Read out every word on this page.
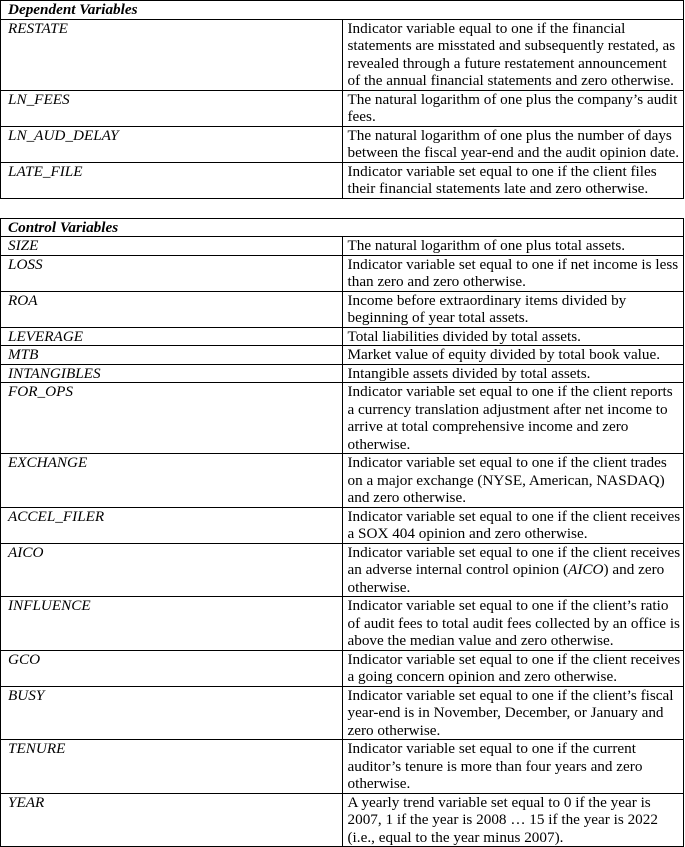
Dependent Variables	
RESTATE	Indicator variable equal to one if the financial statements are misstated and subsequently restated, as revealed through a future restatement announcement of the annual financial statements and zero otherwise.
LN_FEES	The natural logarithm of one plus the company’s audit fees.
LN_AUD_DELAY	The natural logarithm of one plus the number of days between the fiscal year-end and the audit opinion date.
LATE_FILE	Indicator variable set equal to one if the client files their financial statements late and zero otherwise.
Control Variables	
SIZE	The natural logarithm of one plus total assets.
LOSS	Indicator variable set equal to one if net income is less than zero and zero otherwise.
ROA	Income before extraordinary items divided by beginning of year total assets.
LEVERAGE	Total liabilities divided by total assets.
MTB	Market value of equity divided by total book value.
INTANGIBLES	Intangible assets divided by total assets.
FOR_OPS	Indicator variable set equal to one if the client reports a currency translation adjustment after net income to arrive at total comprehensive income and zero otherwise.
EXCHANGE	Indicator variable set equal to one if the client trades on a major exchange (NYSE, American, NASDAQ) and zero otherwise.
ACCEL_FILER	Indicator variable set equal to one if the client receives a SOX 404 opinion and zero otherwise.
AICO	Indicator variable set equal to one if the client receives an adverse internal control opinion (AICO) and zero otherwise.
INFLUENCE	Indicator variable set equal to one if the client’s ratio of audit fees to total audit fees collected by an office is above the median value and zero otherwise.
GCO	Indicator variable set equal to one if the client receives a going concern opinion and zero otherwise.
BUSY	Indicator variable set equal to one if the client’s fiscal year-end is in November, December, or January and zero otherwise.
TENURE	Indicator variable set equal to one if the current auditor’s tenure is more than four years and zero otherwise.
YEAR	A yearly trend variable set equal to 0 if the year is 2007, 1 if the year is 2008 … 15 if the year is 2022 (i.e., equal to the year minus 2007).
